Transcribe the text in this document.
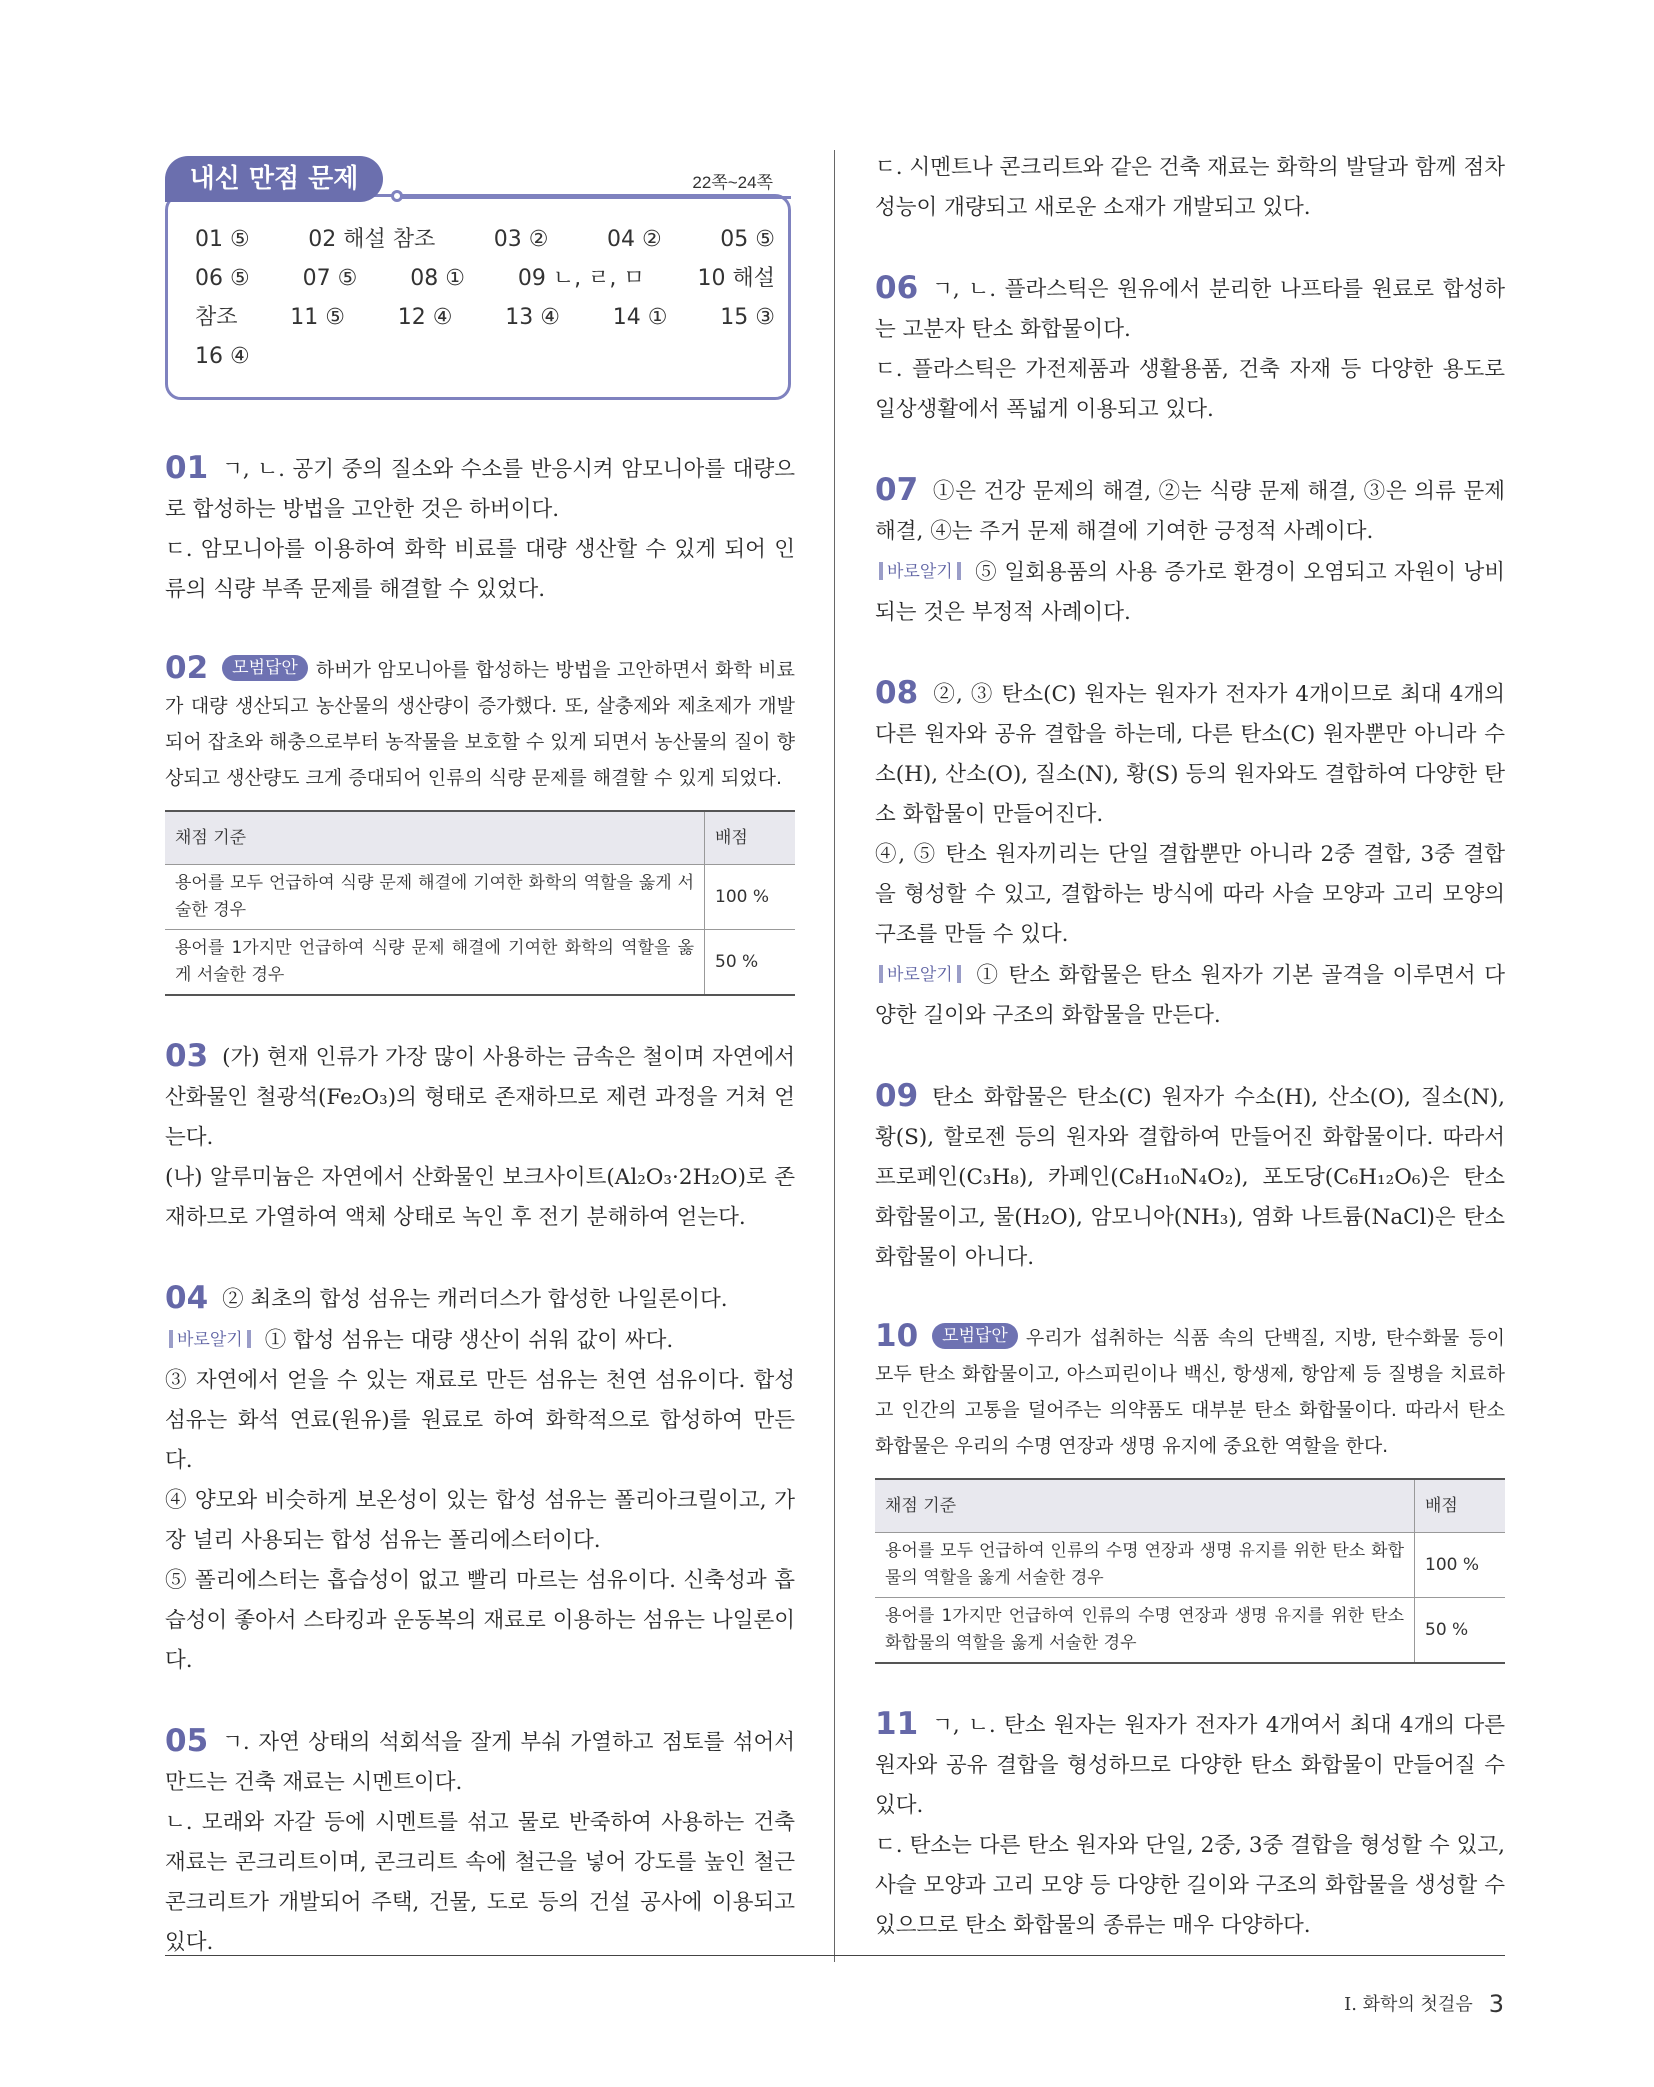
내신 만점 문제	22쪽~24쪽
01 ⑤	02 해설 참조	03 ②	04 ②	05 ⑤
06 ⑤ 07 ⑤ 08 ① 09 ㄴ, ㄹ, ㅁ 10 해설
참조 11 ⑤ 12 ④ 13 ④ 14 ① 15 ③
16 ④

01 ㄱ, ㄴ. 공기 중의 질소와 수소를 반응시켜 암모니아를 대량으로 합성하는 방법을 고안한 것은 하버이다.

ㄷ. 암모니아를 이용하여 화학 비료를 대량 생산할 수 있게 되어 인류의 식량 부족 문제를 해결할 수 있었다.

02 모범답안 하버가 암모니아를 합성하는 방법을 고안하면서 화학 비료가 대량 생산되고 농산물의 생산량이 증가했다. 또, 살충제와 제초제가 개발되어 잡초와 해충으로부터 농작물을 보호할 수 있게 되면서 농산물의 질이 향상되고 생산량도 크게 증대되어 인류의 식량 문제를 해결할 수 있게 되었다.

채점 기준	배점
용어를 모두 언급하여 식량 문제 해결에 기여한 화학의 역할을 옳게 서술한 경우	100 %
용어를 1가지만 언급하여 식량 문제 해결에 기여한 화학의 역할을 옳게 서술한 경우	50 %

03 (가) 현재 인류가 가장 많이 사용하는 금속은 철이며 자연에서 산화물인 철광석(Fe₂O₃)의 형태로 존재하므로 제련 과정을 거쳐 얻는다.

(나) 알루미늄은 자연에서 산화물인 보크사이트(Al₂O₃·2H₂O)로 존재하므로 가열하여 액체 상태로 녹인 후 전기 분해하여 얻는다.

04 ② 최초의 합성 섬유는 캐러더스가 합성한 나일론이다.

바로알기 ① 합성 섬유는 대량 생산이 쉬워 값이 싸다.

③ 자연에서 얻을 수 있는 재료로 만든 섬유는 천연 섬유이다. 합성 섬유는 화석 연료(원유)를 원료로 하여 화학적으로 합성하여 만든다.

④ 양모와 비슷하게 보온성이 있는 합성 섬유는 폴리아크릴이고, 가장 널리 사용되는 합성 섬유는 폴리에스터이다.

⑤ 폴리에스터는 흡습성이 없고 빨리 마르는 섬유이다. 신축성과 흡습성이 좋아서 스타킹과 운동복의 재료로 이용하는 섬유는 나일론이다.

05 ㄱ. 자연 상태의 석회석을 잘게 부숴 가열하고 점토를 섞어서 만드는 건축 재료는 시멘트이다.

ㄴ. 모래와 자갈 등에 시멘트를 섞고 물로 반죽하여 사용하는 건축 재료는 콘크리트이며, 콘크리트 속에 철근을 넣어 강도를 높인 철근 콘크리트가 개발되어 주택, 건물, 도로 등의 건설 공사에 이용되고 있다.

ㄷ. 시멘트나 콘크리트와 같은 건축 재료는 화학의 발달과 함께 점차 성능이 개량되고 새로운 소재가 개발되고 있다.

06 ㄱ, ㄴ. 플라스틱은 원유에서 분리한 나프타를 원료로 합성하는 고분자 탄소 화합물이다.

ㄷ. 플라스틱은 가전제품과 생활용품, 건축 자재 등 다양한 용도로 일상생활에서 폭넓게 이용되고 있다.

07 ①은 건강 문제의 해결, ②는 식량 문제 해결, ③은 의류 문제 해결, ④는 주거 문제 해결에 기여한 긍정적 사례이다.

바로알기 ⑤ 일회용품의 사용 증가로 환경이 오염되고 자원이 낭비되는 것은 부정적 사례이다.

08 ②, ③ 탄소(C) 원자는 원자가 전자가 4개이므로 최대 4개의 다른 원자와 공유 결합을 하는데, 다른 탄소(C) 원자뿐만 아니라 수소(H), 산소(O), 질소(N), 황(S) 등의 원자와도 결합하여 다양한 탄소 화합물이 만들어진다.

④, ⑤ 탄소 원자끼리는 단일 결합뿐만 아니라 2중 결합, 3중 결합을 형성할 수 있고, 결합하는 방식에 따라 사슬 모양과 고리 모양의 구조를 만들 수 있다.

바로알기 ① 탄소 화합물은 탄소 원자가 기본 골격을 이루면서 다양한 길이와 구조의 화합물을 만든다.

09 탄소 화합물은 탄소(C) 원자가 수소(H), 산소(O), 질소(N), 황(S), 할로젠 등의 원자와 결합하여 만들어진 화합물이다. 따라서 프로페인(C₃H₈), 카페인(C₈H₁₀N₄O₂), 포도당(C₆H₁₂O₆)은 탄소 화합물이고, 물(H₂O), 암모니아(NH₃), 염화 나트륨(NaCl)은 탄소 화합물이 아니다.

10 모범답안 우리가 섭취하는 식품 속의 단백질, 지방, 탄수화물 등이 모두 탄소 화합물이고, 아스피린이나 백신, 항생제, 항암제 등 질병을 치료하고 인간의 고통을 덜어주는 의약품도 대부분 탄소 화합물이다. 따라서 탄소 화합물은 우리의 수명 연장과 생명 유지에 중요한 역할을 한다.

채점 기준	배점
용어를 모두 언급하여 인류의 수명 연장과 생명 유지를 위한 탄소 화합물의 역할을 옳게 서술한 경우	100 %
용어를 1가지만 언급하여 인류의 수명 연장과 생명 유지를 위한 탄소 화합물의 역할을 옳게 서술한 경우	50 %

11 ㄱ, ㄴ. 탄소 원자는 원자가 전자가 4개여서 최대 4개의 다른 원자와 공유 결합을 형성하므로 다양한 탄소 화합물이 만들어질 수 있다.

ㄷ. 탄소는 다른 탄소 원자와 단일, 2중, 3중 결합을 형성할 수 있고, 사슬 모양과 고리 모양 등 다양한 길이와 구조의 화합물을 생성할 수 있으므로 탄소 화합물의 종류는 매우 다양하다.

I. 화학의 첫걸음 3
